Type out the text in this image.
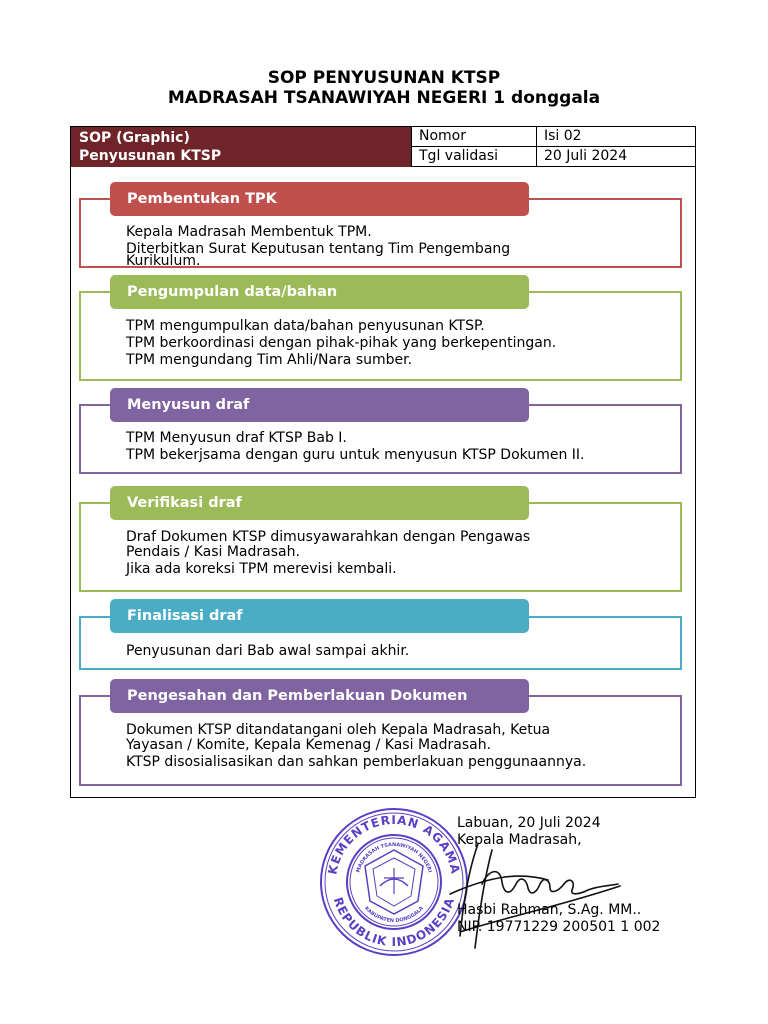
SOP PENYUSUNAN KTSP
MADRASAH TSANAWIYAH NEGERI 1 donggala
SOP (Graphic)
Penyusunan KTSP
Nomor	Isi 02
Tgl validasi	20 Juli 2024
Pembentukan TPK
Kepala Madrasah Membentuk TPM.
Diterbitkan Surat Keputusan tentang Tim Pengembang
Kurikulum.
Pengumpulan data/bahan
TPM mengumpulkan data/bahan penyusunan KTSP.
TPM berkoordinasi dengan pihak-pihak yang berkepentingan.
TPM mengundang Tim Ahli/Nara sumber.
Menyusun draf
TPM Menyusun draf KTSP Bab I.
TPM bekerjsama dengan guru untuk menyusun KTSP Dokumen II.
Verifikasi draf
Draf Dokumen KTSP dimusyawarahkan dengan Pengawas
Pendais / Kasi Madrasah.
Jika ada koreksi TPM merevisi kembali.
Finalisasi draf
Penyusunan dari Bab awal sampai akhir.
Pengesahan dan Pemberlakuan Dokumen
Dokumen KTSP ditandatangani oleh Kepala Madrasah, Ketua
Yayasan / Komite, Kepala Kemenag / Kasi Madrasah.
KTSP disosialisasikan dan sahkan pemberlakuan penggunaannya.
KEMENTERIAN AGAMA
REPUBLIK INDONESIA
MADRASAH TSANAWIYAH NEGERI
KABUPATEN DONGGALA
Labuan, 20 Juli 2024
Kepala Madrasah,
Hasbi Rahman, S.Ag. MM..
NIP. 19771229 200501 1 002
